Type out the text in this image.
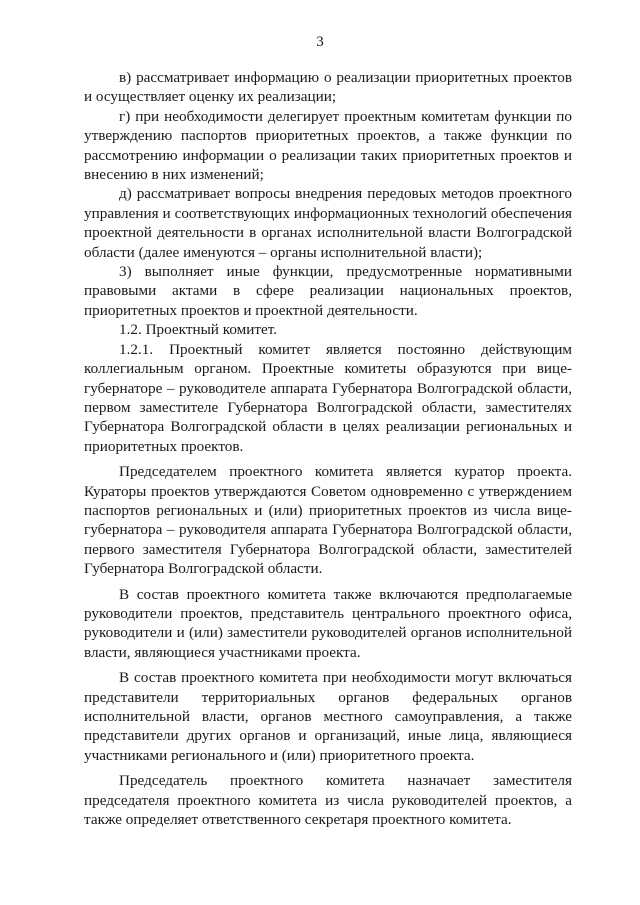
3

в) рассматривает информацию о реализации приоритетных проектов и осуществляет оценку их реализации;

г) при необходимости делегирует проектным комитетам функции по утверждению паспортов приоритетных проектов, а также функции по рассмотрению информации о реализации таких приоритетных проектов и внесению в них изменений;

д) рассматривает вопросы внедрения передовых методов проектного управления и соответствующих информационных технологий обеспечения проектной деятельности в органах исполнительной власти Волгоградской области (далее именуются – органы исполнительной власти);

3) выполняет иные функции, предусмотренные нормативными правовыми актами в сфере реализации национальных проектов, приоритетных проектов и проектной деятельности.

1.2. Проектный комитет.

1.2.1. Проектный комитет является постоянно действующим коллегиальным органом. Проектные комитеты образуются при вице-губернаторе – руководителе аппарата Губернатора Волгоградской области, первом заместителе Губернатора Волгоградской области, заместителях Губернатора Волгоградской области в целях реализации региональных и приоритетных проектов.

Председателем проектного комитета является куратор проекта. Кураторы проектов утверждаются Советом одновременно с утверждением паспортов региональных и (или) приоритетных проектов из числа вице-губернатора – руководителя аппарата Губернатора Волгоградской области, первого заместителя Губернатора Волгоградской области, заместителей Губернатора Волгоградской области.

В состав проектного комитета также включаются предполагаемые руководители проектов, представитель центрального проектного офиса, руководители и (или) заместители руководителей органов исполнительной власти, являющиеся участниками проекта.

В состав проектного комитета при необходимости могут включаться представители территориальных органов федеральных органов исполнительной власти, органов местного самоуправления, а также представители других органов и организаций, иные лица, являющиеся участниками регионального и (или) приоритетного проекта.

Председатель проектного комитета назначает заместителя председателя проектного комитета из числа руководителей проектов, а также определяет ответственного секретаря проектного комитета.
